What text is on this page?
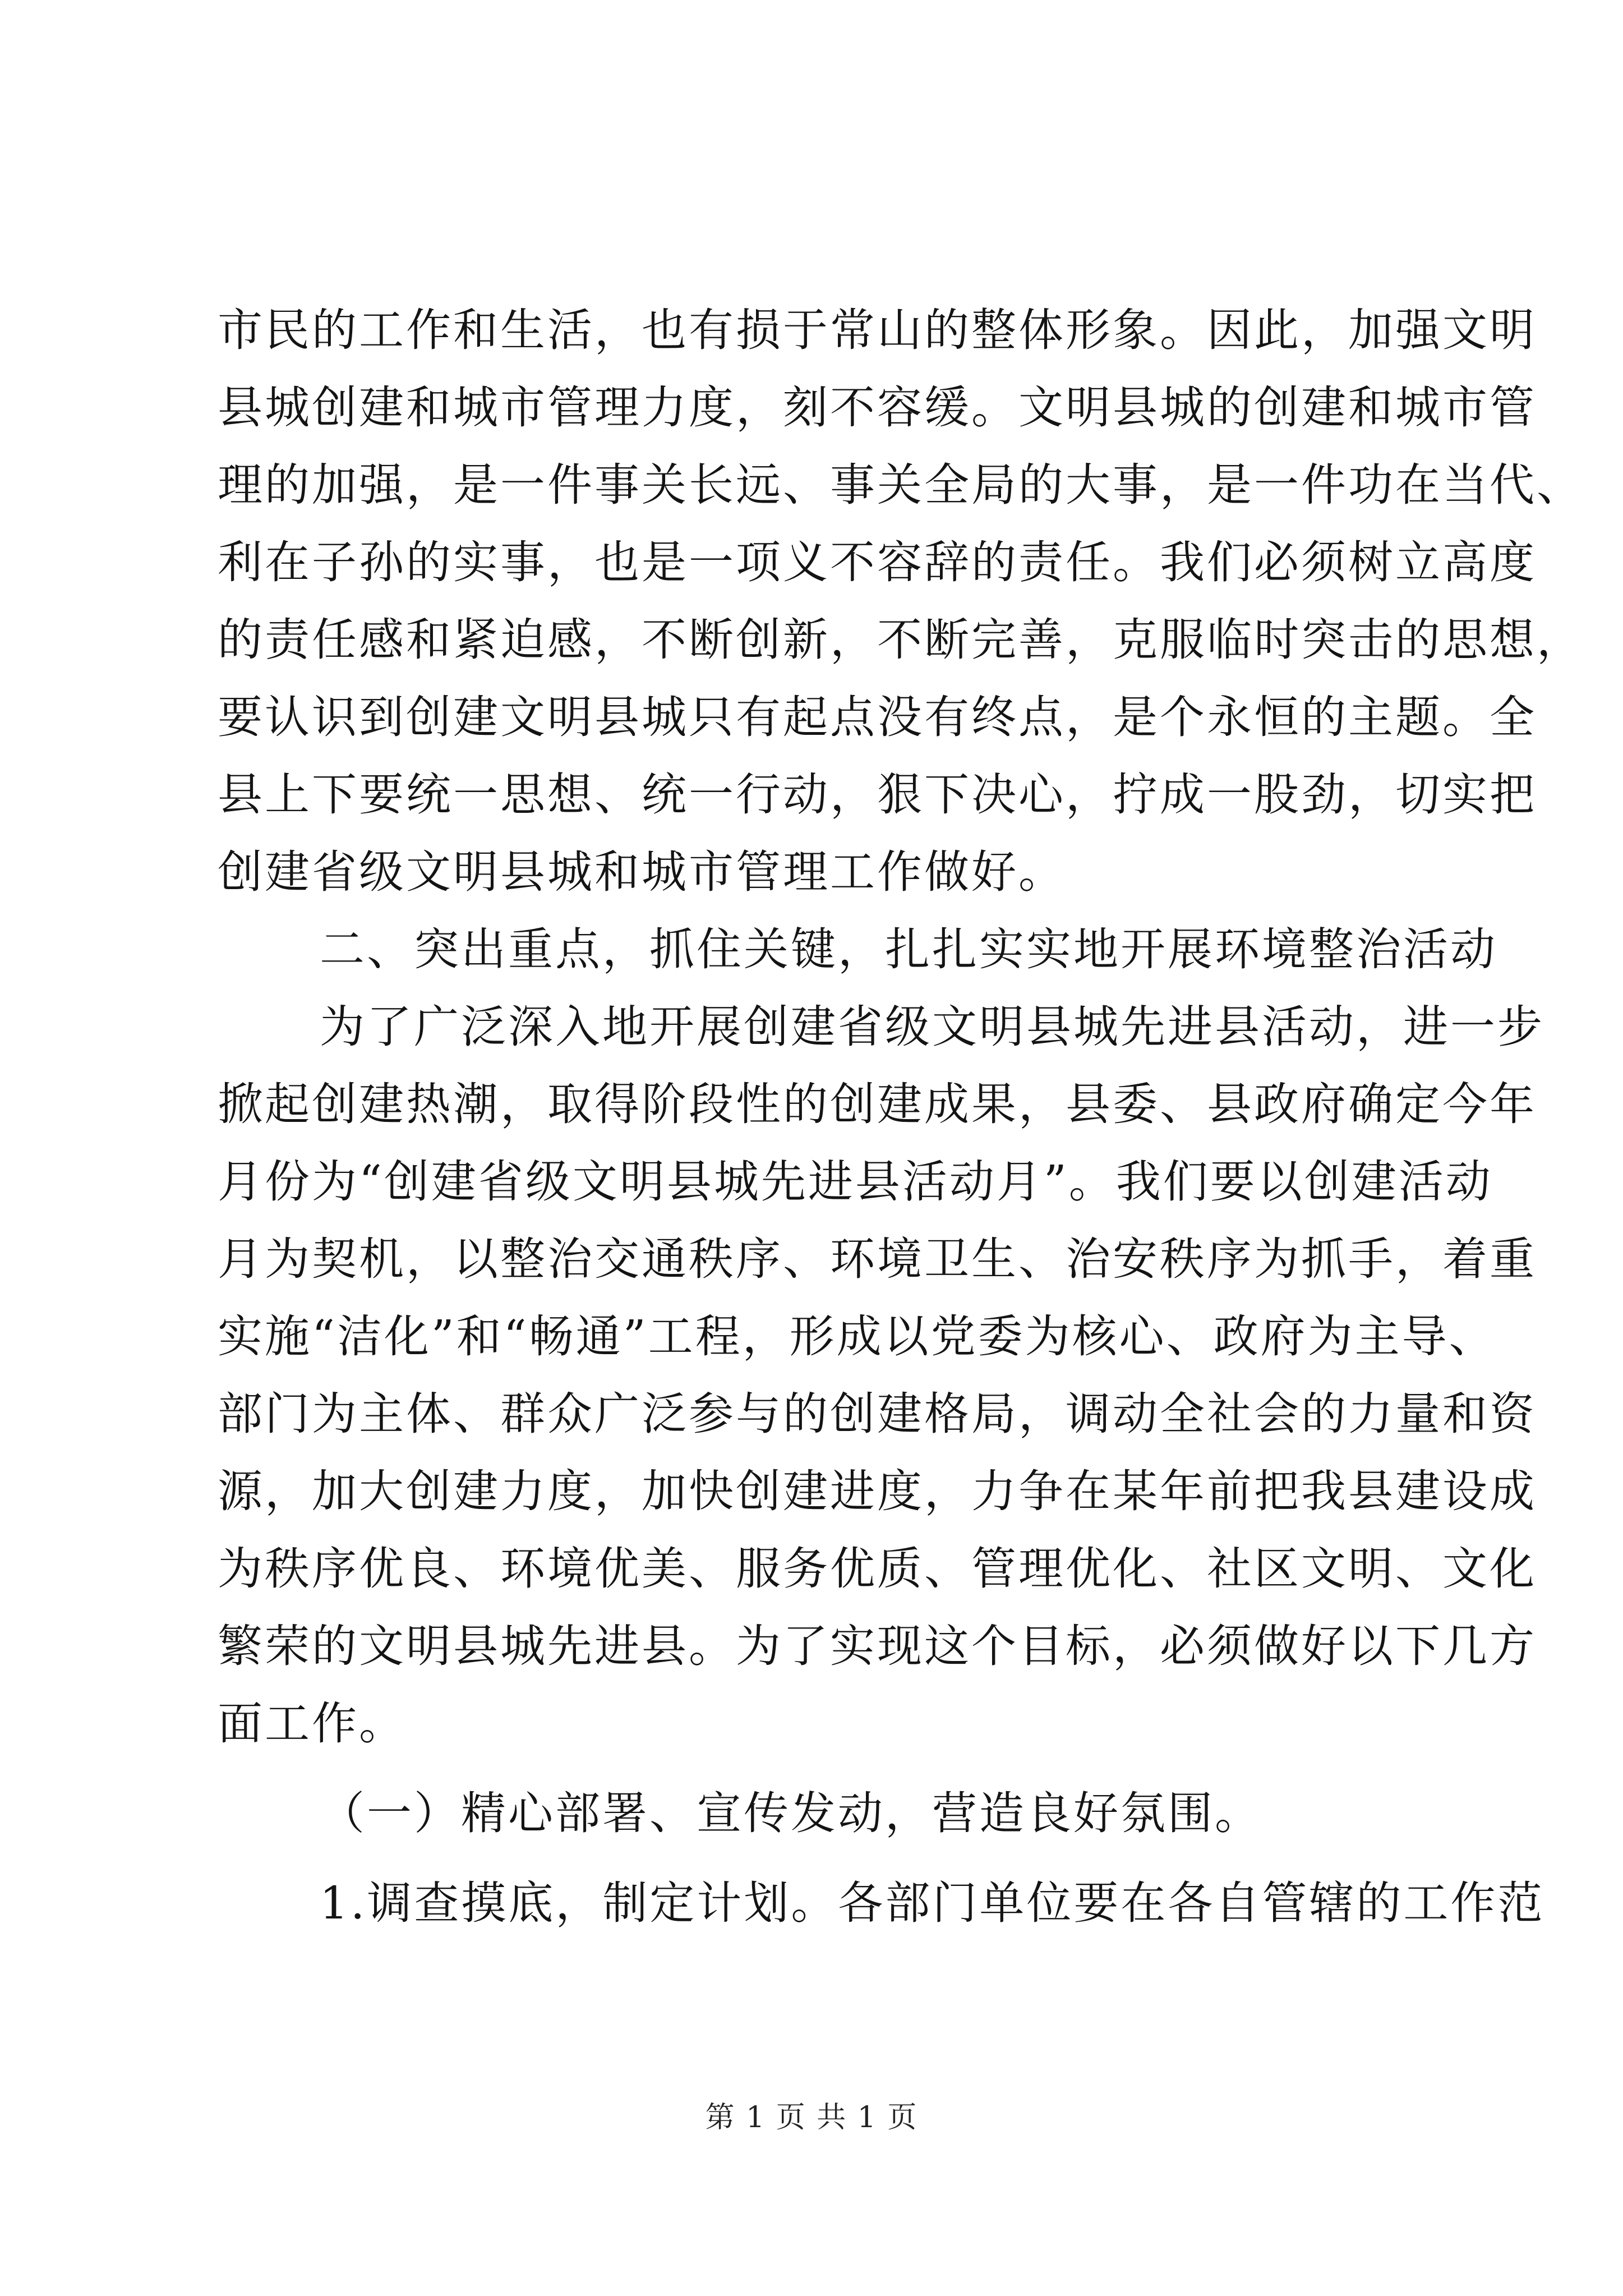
市民的工作和生活，也有损于常山的整体形象。因此，加强文明
县城创建和城市管理力度，刻不容缓。文明县城的创建和城市管
理的加强，是一件事关长远、事关全局的大事，是一件功在当代、
利在子孙的实事，也是一项义不容辞的责任。我们必须树立高度
的责任感和紧迫感，不断创新，不断完善，克服临时突击的思想，
要认识到创建文明县城只有起点没有终点，是个永恒的主题。全
县上下要统一思想、统一行动，狠下决心，拧成一股劲，切实把
创建省级文明县城和城市管理工作做好。
二、突出重点，抓住关键，扎扎实实地开展环境整治活动
为了广泛深入地开展创建省级文明县城先进县活动，进一步
掀起创建热潮，取得阶段性的创建成果，县委、县政府确定今年
月份为“创建省级文明县城先进县活动月”。我们要以创建活动
月为契机，以整治交通秩序、环境卫生、治安秩序为抓手，着重
实施“洁化”和“畅通”工程，形成以党委为核心、政府为主导、
部门为主体、群众广泛参与的创建格局，调动全社会的力量和资
源，加大创建力度，加快创建进度，力争在某年前把我县建设成
为秩序优良、环境优美、服务优质、管理优化、社区文明、文化
繁荣的文明县城先进县。为了实现这个目标，必须做好以下几方
面工作。
（一）精心部署、宣传发动，营造良好氛围。
1.调查摸底，制定计划。各部门单位要在各自管辖的工作范
第 1 页 共 1 页
